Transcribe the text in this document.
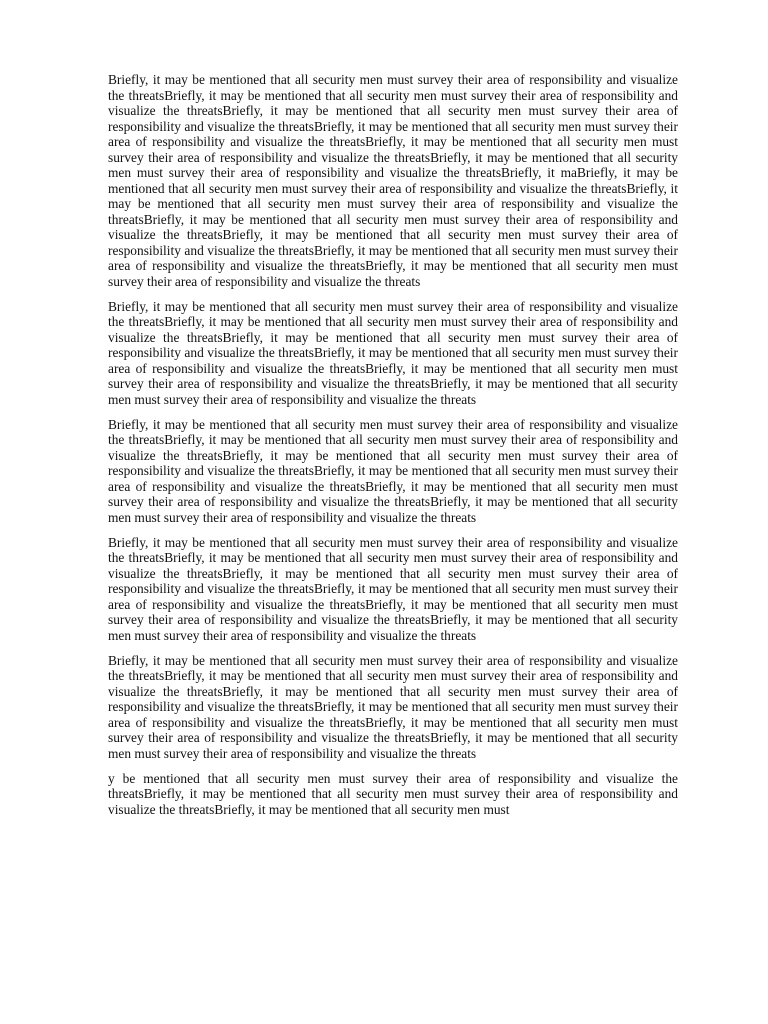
Briefly, it may be mentioned that all security men must survey their area of responsibility and visualize the threatsBriefly, it may be mentioned that all security men must survey their area of responsibility and visualize the threatsBriefly, it may be mentioned that all security men must survey their area of responsibility and visualize the threatsBriefly, it may be mentioned that all security men must survey their area of responsibility and visualize the threatsBriefly, it may be mentioned that all security men must survey their area of responsibility and visualize the threatsBriefly, it may be mentioned that all security men must survey their area of responsibility and visualize the threatsBriefly, it maBriefly, it may be mentioned that all security men must survey their area of responsibility and visualize the threatsBriefly, it may be mentioned that all security men must survey their area of responsibility and visualize the threatsBriefly, it may be mentioned that all security men must survey their area of responsibility and visualize the threatsBriefly, it may be mentioned that all security men must survey their area of responsibility and visualize the threatsBriefly, it may be mentioned that all security men must survey their area of responsibility and visualize the threatsBriefly, it may be mentioned that all security men must survey their area of responsibility and visualize the threats

Briefly, it may be mentioned that all security men must survey their area of responsibility and visualize the threatsBriefly, it may be mentioned that all security men must survey their area of responsibility and visualize the threatsBriefly, it may be mentioned that all security men must survey their area of responsibility and visualize the threatsBriefly, it may be mentioned that all security men must survey their area of responsibility and visualize the threatsBriefly, it may be mentioned that all security men must survey their area of responsibility and visualize the threatsBriefly, it may be mentioned that all security men must survey their area of responsibility and visualize the threats

Briefly, it may be mentioned that all security men must survey their area of responsibility and visualize the threatsBriefly, it may be mentioned that all security men must survey their area of responsibility and visualize the threatsBriefly, it may be mentioned that all security men must survey their area of responsibility and visualize the threatsBriefly, it may be mentioned that all security men must survey their area of responsibility and visualize the threatsBriefly, it may be mentioned that all security men must survey their area of responsibility and visualize the threatsBriefly, it may be mentioned that all security men must survey their area of responsibility and visualize the threats

Briefly, it may be mentioned that all security men must survey their area of responsibility and visualize the threatsBriefly, it may be mentioned that all security men must survey their area of responsibility and visualize the threatsBriefly, it may be mentioned that all security men must survey their area of responsibility and visualize the threatsBriefly, it may be mentioned that all security men must survey their area of responsibility and visualize the threatsBriefly, it may be mentioned that all security men must survey their area of responsibility and visualize the threatsBriefly, it may be mentioned that all security men must survey their area of responsibility and visualize the threats

Briefly, it may be mentioned that all security men must survey their area of responsibility and visualize the threatsBriefly, it may be mentioned that all security men must survey their area of responsibility and visualize the threatsBriefly, it may be mentioned that all security men must survey their area of responsibility and visualize the threatsBriefly, it may be mentioned that all security men must survey their area of responsibility and visualize the threatsBriefly, it may be mentioned that all security men must survey their area of responsibility and visualize the threatsBriefly, it may be mentioned that all security men must survey their area of responsibility and visualize the threats

y be mentioned that all security men must survey their area of responsibility and visualize the threatsBriefly, it may be mentioned that all security men must survey their area of responsibility and visualize the threatsBriefly, it may be mentioned that all security men must
